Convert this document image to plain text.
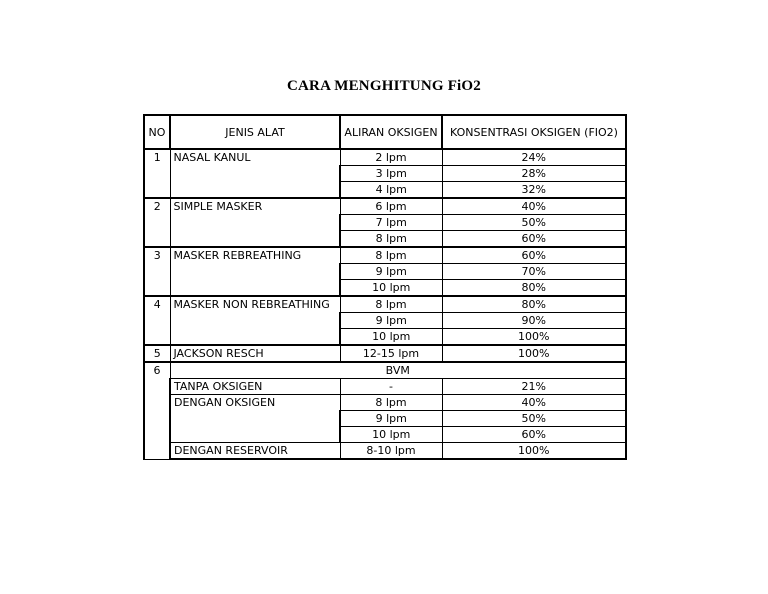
CARA MENGHITUNG FiO2
NO	JENIS ALAT	ALIRAN OKSIGEN	KONSENTRASI OKSIGEN (FIO2)
1	NASAL KANUL	2 lpm	24%
		3 lpm	28%
		4 lpm	32%
2	SIMPLE MASKER	6 lpm	40%
		7 lpm	50%
		8 lpm	60%
3	MASKER REBREATHING	8 lpm	60%
		9 lpm	70%
		10 lpm	80%
4	MASKER NON REBREATHING	8 lpm	80%
		9 lpm	90%
		10 lpm	100%
5	JACKSON RESCH	12-15 lpm	100%
6	BVM		
	TANPA OKSIGEN	-	21%
	DENGAN OKSIGEN	8 lpm	40%
		9 lpm	50%
		10 lpm	60%
	DENGAN RESERVOIR	8-10 lpm	100%
